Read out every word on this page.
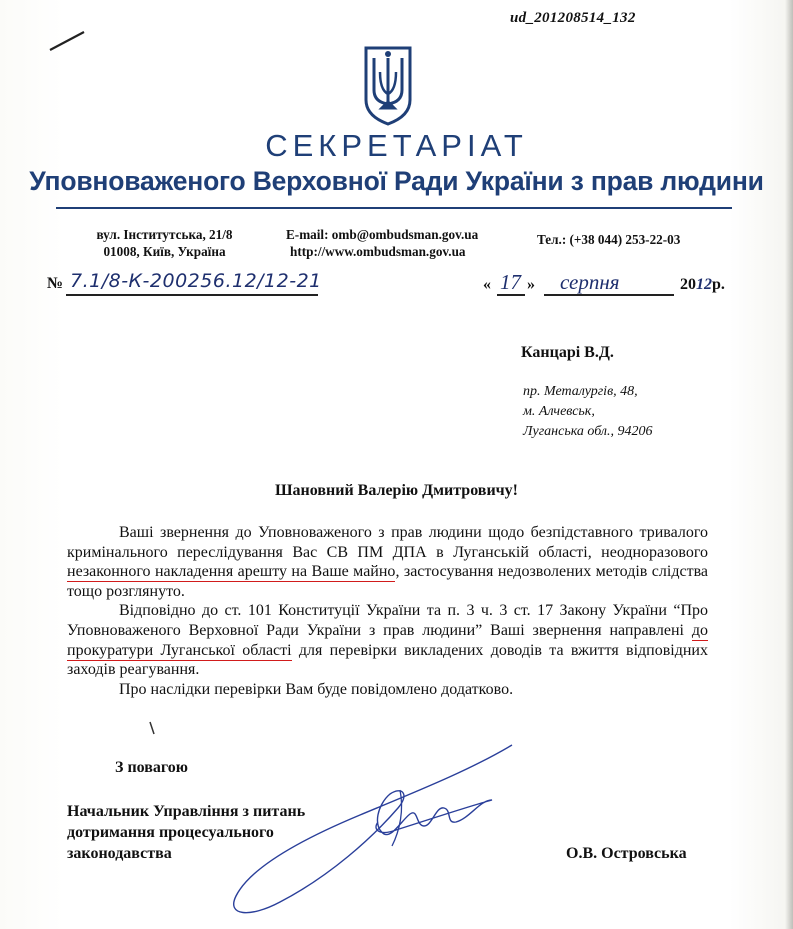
ud_201208514_132
СЕКРЕТАРІАТ
Уповноваженого Верховної Ради України з прав людини
вул. Інститутська, 21/8
01008, Київ, Україна
E-mail: omb@ombudsman.gov.ua
http://www.ombudsman.gov.ua
Тел.: (+38 044) 253-22-03
№ 7.1/8-К-200256.12/12-21	« 17 » серпня	2012р.
Канцарі В.Д.
пр. Металургів, 48,
м. Алчевськ,
Луганська обл., 94206
Шановний Валерію Дмитровичу!

Ваші звернення до Уповноваженого з прав людини щодо безпідставного тривалого кримінального переслідування Вас СВ ПМ ДПА в Луганській області, неодноразового незаконного накладення арешту на Ваше майно, застосування недозволених методів слідства тощо розглянуто.

Відповідно до ст. 101 Конституції України та п. 3 ч. 3 ст. 17 Закону України “Про Уповноваженого Верховної Ради України з прав людини” Ваші звернення направлені до прокуратури Луганської області для перевірки викладених доводів та вжиття відповідних заходів реагування.

Про наслідки перевірки Вам буде повідомлено додатково.

З повагою
Начальник Управління з питань
дотримання процесуального
законодавства	О.В. Островська
